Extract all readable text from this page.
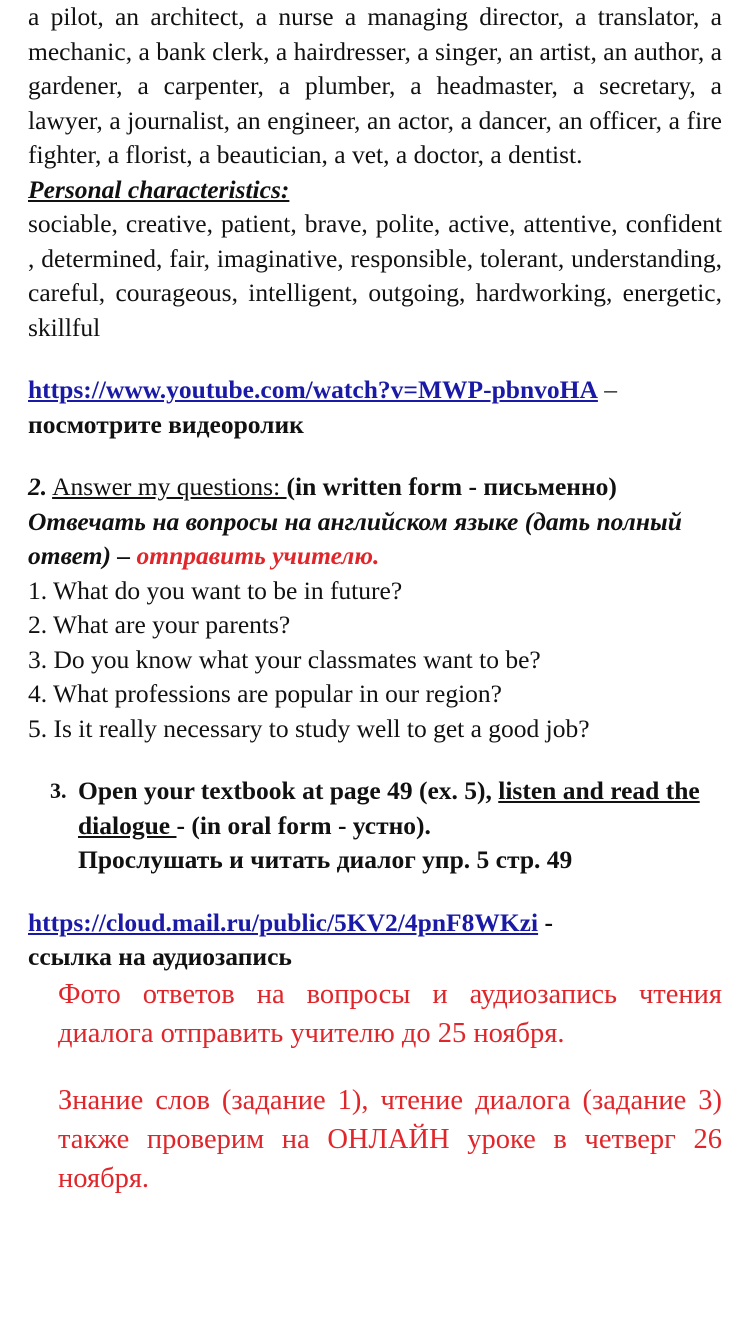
a pilot, an architect, a nurse a managing director, a translator, a mechanic, a bank clerk, a hairdresser, a singer, an artist, an author, a gardener, a carpenter, a plumber, a headmaster, a secretary, a lawyer, a journalist, an engineer, an actor, a dancer, an officer, a fire fighter, a florist, a beautician, a vet, a doctor, a dentist.

Personal characteristics:

sociable, creative, patient, brave, polite, active, attentive, confident , determined, fair, imaginative, responsible, tolerant, understanding, careful, courageous, intelligent, outgoing, hardworking, energetic, skillful

https://www.youtube.com/watch?v=MWP-pbnvoHA –

посмотрите видеоролик

2. Answer my questions: (in written form - письменно)

Отвечать на вопросы на английском языке (дать полный ответ) – отправить учителю.

1. What do you want to be in future?

2. What are your parents?

3. Do you know what your classmates want to be?

4. What professions are popular in our region?

5. Is it really necessary to study well to get a good job?

3. Open your textbook at page 49 (ex. 5), listen and read the dialogue - (in oral form - устно).
Прослушать и читать диалог упр. 5 стр. 49

https://cloud.mail.ru/public/5KV2/4pnF8WKzi -

ссылка на аудиозапись

Фото ответов на вопросы и аудиозапись чтения диалога отправить учителю до 25 ноября.

Знание слов (задание 1), чтение диалога (задание 3) также проверим на ОНЛАЙН уроке в четверг 26 ноября.
